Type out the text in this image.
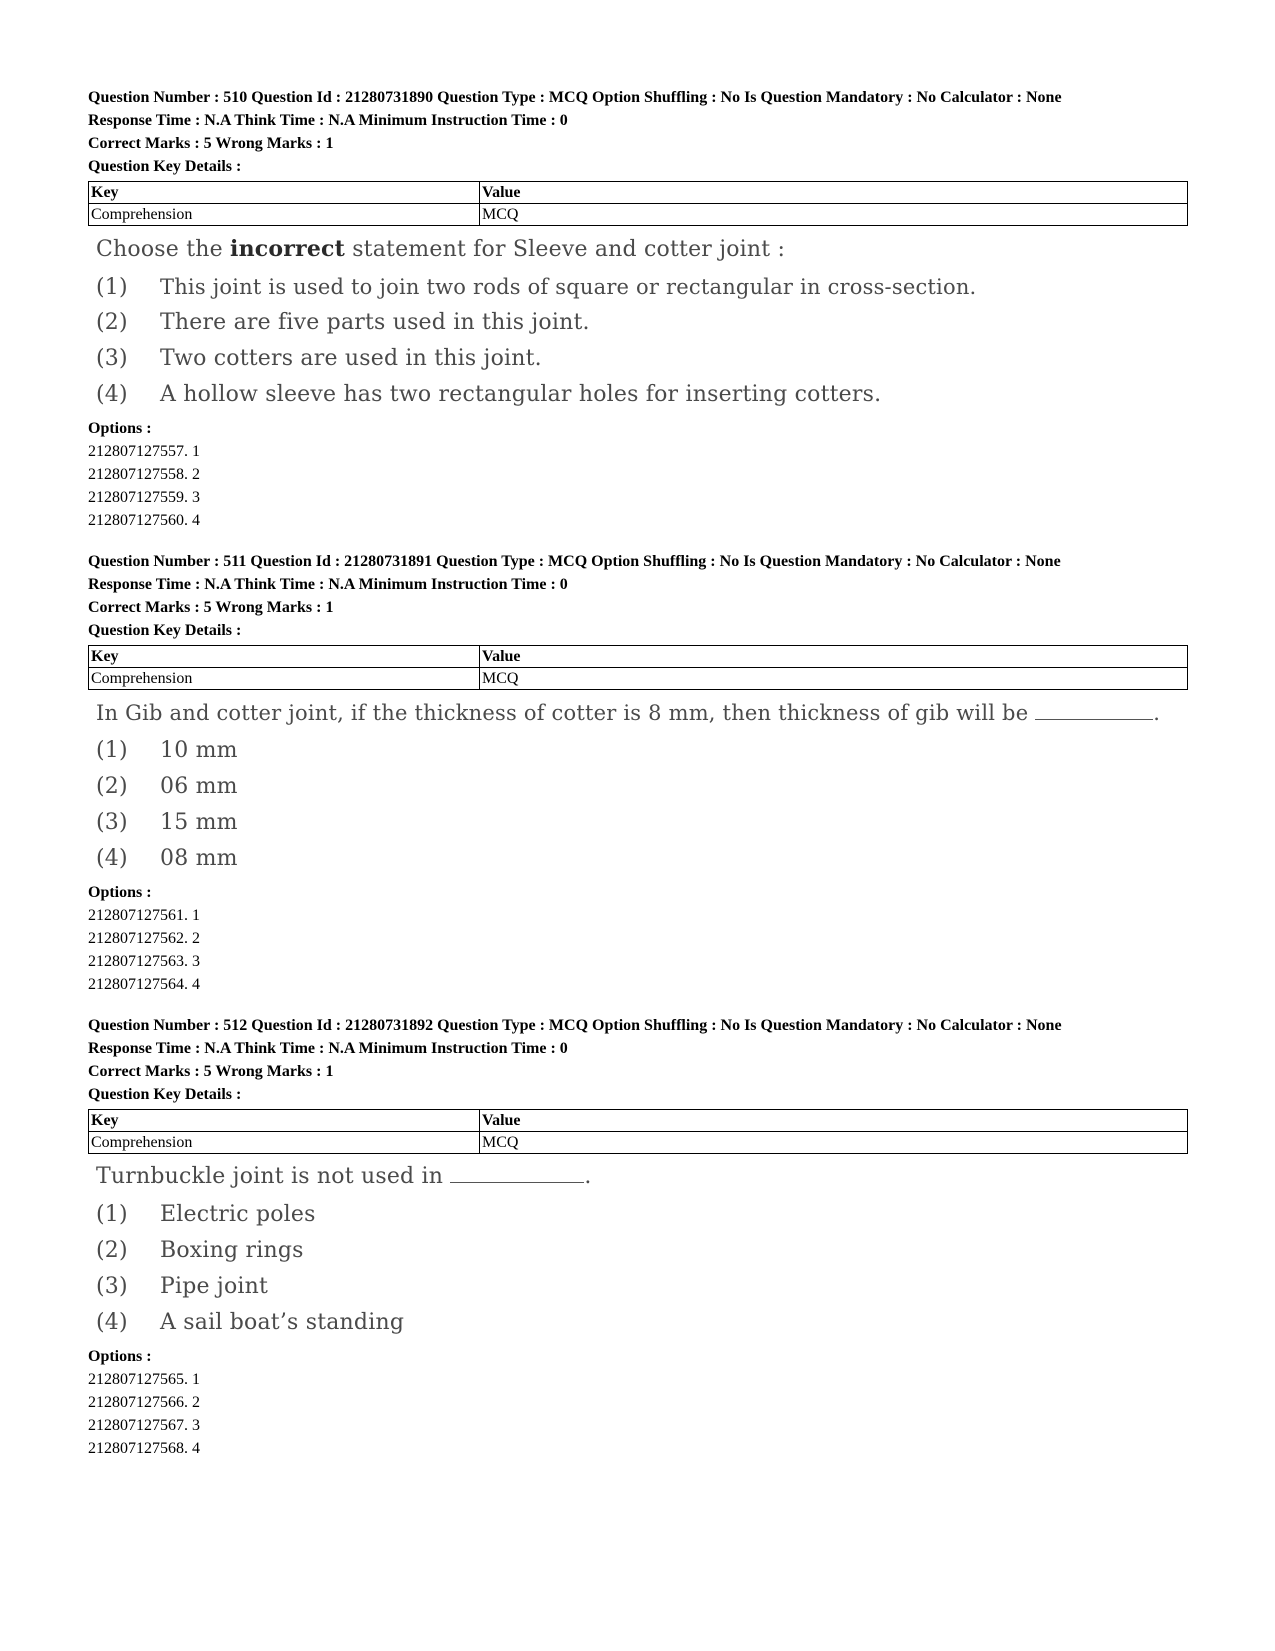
Question Number : 510 Question Id : 21280731890 Question Type : MCQ Option Shuffling : No Is Question Mandatory : No Calculator : None

Response Time : N.A Think Time : N.A Minimum Instruction Time : 0

Correct Marks : 5 Wrong Marks : 1

Question Key Details :

Key	Value
Comprehension	MCQ
Choose the incorrect statement for Sleeve and cotter joint :
(1) This joint is used to join two rods of square or rectangular in cross-section.
(2) There are five parts used in this joint.
(3) Two cotters are used in this joint.
(4) A hollow sleeve has two rectangular holes for inserting cotters.
Options :
212807127557. 1
212807127558. 2
212807127559. 3
212807127560. 4

Question Number : 511 Question Id : 21280731891 Question Type : MCQ Option Shuffling : No Is Question Mandatory : No Calculator : None

Response Time : N.A Think Time : N.A Minimum Instruction Time : 0

Correct Marks : 5 Wrong Marks : 1

Question Key Details :

Key	Value
Comprehension	MCQ
In Gib and cotter joint, if the thickness of cotter is 8 mm, then thickness of gib will be	.
(1) 10 mm
(2) 06 mm
(3) 15 mm
(4) 08 mm
Options :
212807127561. 1
212807127562. 2
212807127563. 3
212807127564. 4

Question Number : 512 Question Id : 21280731892 Question Type : MCQ Option Shuffling : No Is Question Mandatory : No Calculator : None

Response Time : N.A Think Time : N.A Minimum Instruction Time : 0

Correct Marks : 5 Wrong Marks : 1

Question Key Details :

Key	Value
Comprehension	MCQ
Turnbuckle joint is not used in	.
(1) Electric poles
(2) Boxing rings
(3) Pipe joint
(4) A sail boat’s standing
Options :
212807127565. 1
212807127566. 2
212807127567. 3
212807127568. 4
